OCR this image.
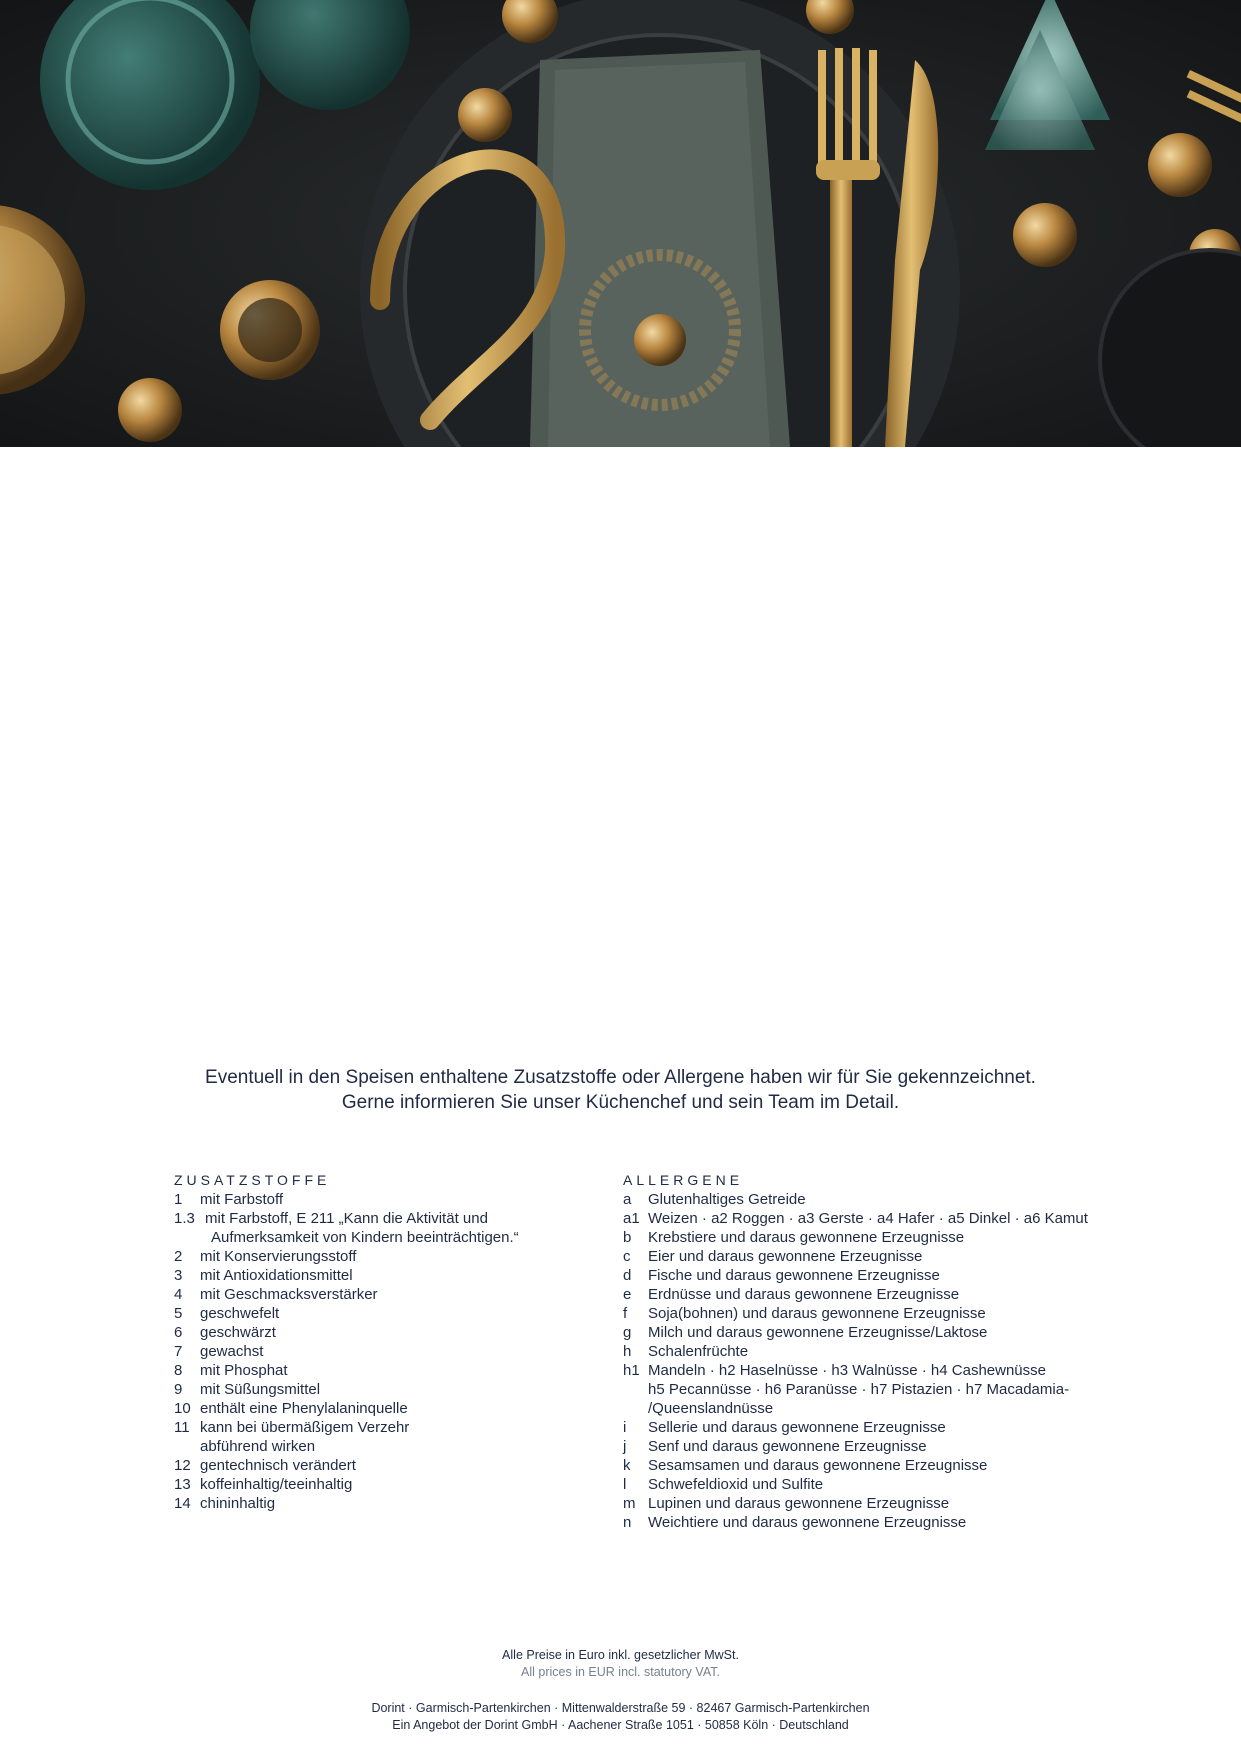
Eventuell in den Speisen enthaltene Zusatzstoffe oder Allergene haben wir für Sie gekennzeichnet.
Gerne informieren Sie unser Küchenchef und sein Team im Detail.
ZUSATZSTOFFE
1	mit Farbstoff
1.3 mit Farbstoff, E 211 „Kann die Aktivität und
Aufmerksamkeit von Kindern beeinträchtigen.“
2	mit Konservierungsstoff
3	mit Antioxidationsmittel
4	mit Geschmacksverstärker
5	geschwefelt
6	geschwärzt
7	gewachst
8	mit Phosphat
9	mit Süßungsmittel
10 enthält eine Phenylalaninquelle
11 kann bei übermäßigem Verzehr
abführend wirken
12 gentechnisch verändert
13 koffeinhaltig/teeinhaltig
14 chininhaltig
ALLERGENE
a	Glutenhaltiges Getreide
a1 Weizen · a2 Roggen · a3 Gerste · a4 Hafer · a5 Dinkel · a6 Kamut
b	Krebstiere und daraus gewonnene Erzeugnisse
c	Eier und daraus gewonnene Erzeugnisse
d	Fische und daraus gewonnene Erzeugnisse
e	Erdnüsse und daraus gewonnene Erzeugnisse
f	Soja(bohnen) und daraus gewonnene Erzeugnisse
g	Milch und daraus gewonnene Erzeugnisse/Laktose
h	Schalenfrüchte
h1 Mandeln · h2 Haselnüsse · h3 Walnüsse · h4 Cashewnüsse
h5 Pecannüsse · h6 Paranüsse · h7 Pistazien · h7 Macadamia-
/Queenslandnüsse
i	Sellerie und daraus gewonnene Erzeugnisse
j	Senf und daraus gewonnene Erzeugnisse
k	Sesamsamen und daraus gewonnene Erzeugnisse
l	Schwefeldioxid und Sulfite
m Lupinen und daraus gewonnene Erzeugnisse
n	Weichtiere und daraus gewonnene Erzeugnisse
Alle Preise in Euro inkl. gesetzlicher MwSt.
All prices in EUR incl. statutory VAT.
Dorint · Garmisch-Partenkirchen · Mittenwalderstraße 59 · 82467 Garmisch-Partenkirchen
Ein Angebot der Dorint GmbH · Aachener Straße 1051 · 50858 Köln · Deutschland
